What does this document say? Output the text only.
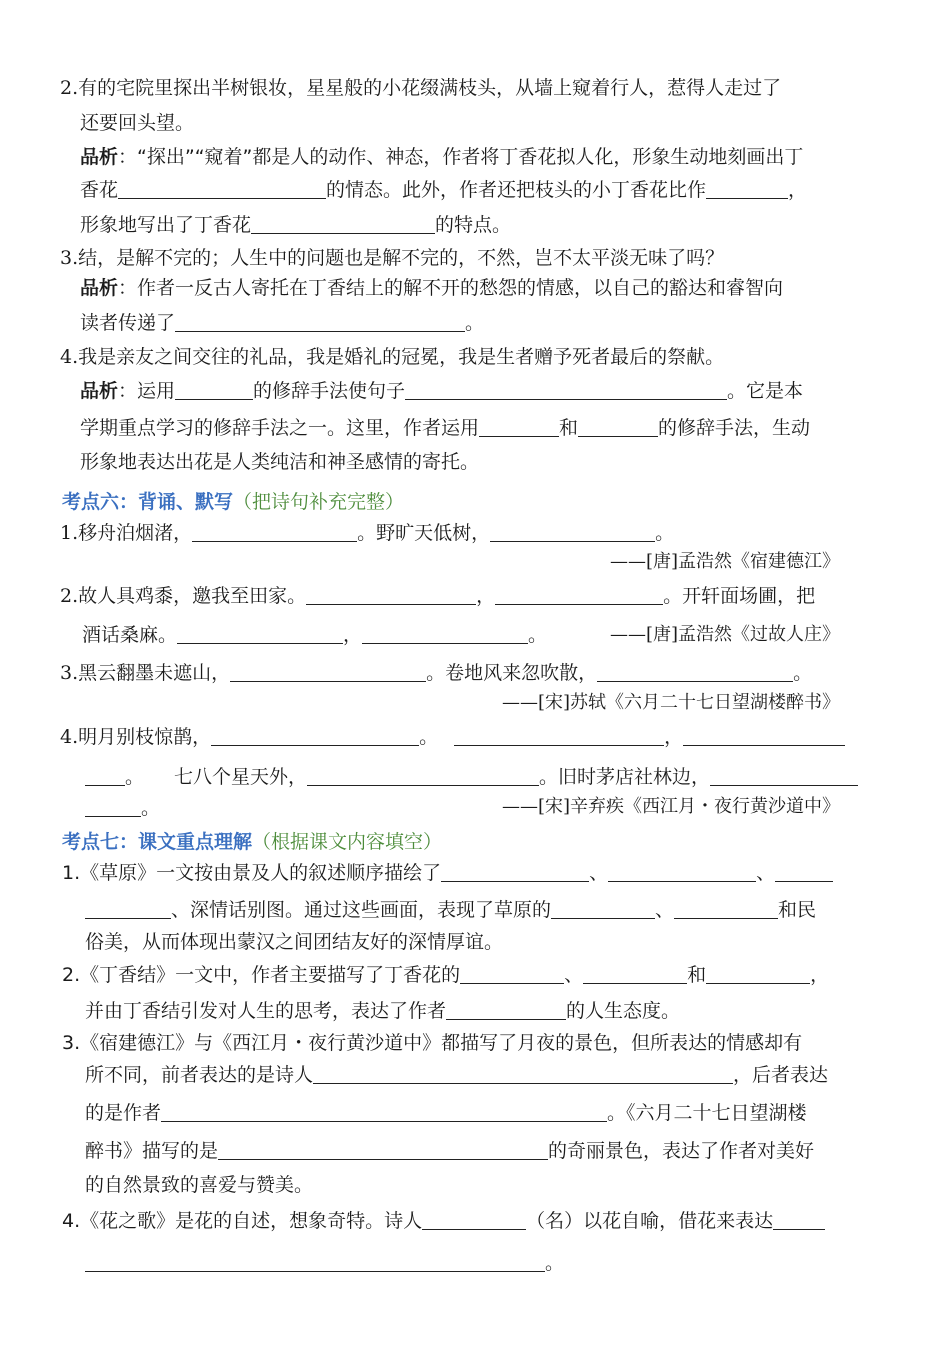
2.有的宅院里探出半树银妆，星星般的小花缀满枝头，从墙上窥着行人，惹得人走过了
还要回头望。
品析：“探出”“窥着”都是人的动作、神态，作者将丁香花拟人化，形象生动地刻画出丁
香花	的情态。此外，作者还把枝头的小丁香花比作	，
形象地写出了丁香花	的特点。
3.结，是解不完的；人生中的问题也是解不完的，不然，岂不太平淡无味了吗？
品析：作者一反古人寄托在丁香结上的解不开的愁怨的情感，以自己的豁达和睿智向
读者传递了	。
4.我是亲友之间交往的礼品，我是婚礼的冠冕，我是生者赠予死者最后的祭献。
品析：运用	的修辞手法使句子	。它是本
学期重点学习的修辞手法之一。这里，作者运用	和	的修辞手法，生动
形象地表达出花是人类纯洁和神圣感情的寄托。
考点六：背诵、默写（把诗句补充完整）
1.移舟泊烟渚，	。野旷天低树，	。
——[唐]孟浩然《宿建德江》
2.故人具鸡黍，邀我至田家。	，	。开轩面场圃，把
酒话桑麻。	，	。	——[唐]孟浩然《过故人庄》
3.黑云翻墨未遮山，	。卷地风来忽吹散，	。
——[宋]苏轼《六月二十七日望湖楼醉书》
4.明月别枝惊鹊，	。	，
。 七八个星天外，	。旧时茅店社林边，
。	——[宋]辛弃疾《西江月・夜行黄沙道中》
考点七：课文重点理解（根据课文内容填空）
1.《草原》一文按由景及人的叙述顺序描绘了	、	、
、深情话别图。通过这些画面，表现了草原的	、	和民
俗美，从而体现出蒙汉之间团结友好的深情厚谊。
2.《丁香结》一文中，作者主要描写了丁香花的	、	和	，
并由丁香结引发对人生的思考，表达了作者	的人生态度。
3.《宿建德江》与《西江月・夜行黄沙道中》都描写了月夜的景色，但所表达的情感却有
所不同，前者表达的是诗人	，后者表达
的是作者	。《六月二十七日望湖楼
醉书》描写的是	的奇丽景色，表达了作者对美好
的自然景致的喜爱与赞美。
4.《花之歌》是花的自述，想象奇特。诗人	（名）以花自喻，借花来表达
。
